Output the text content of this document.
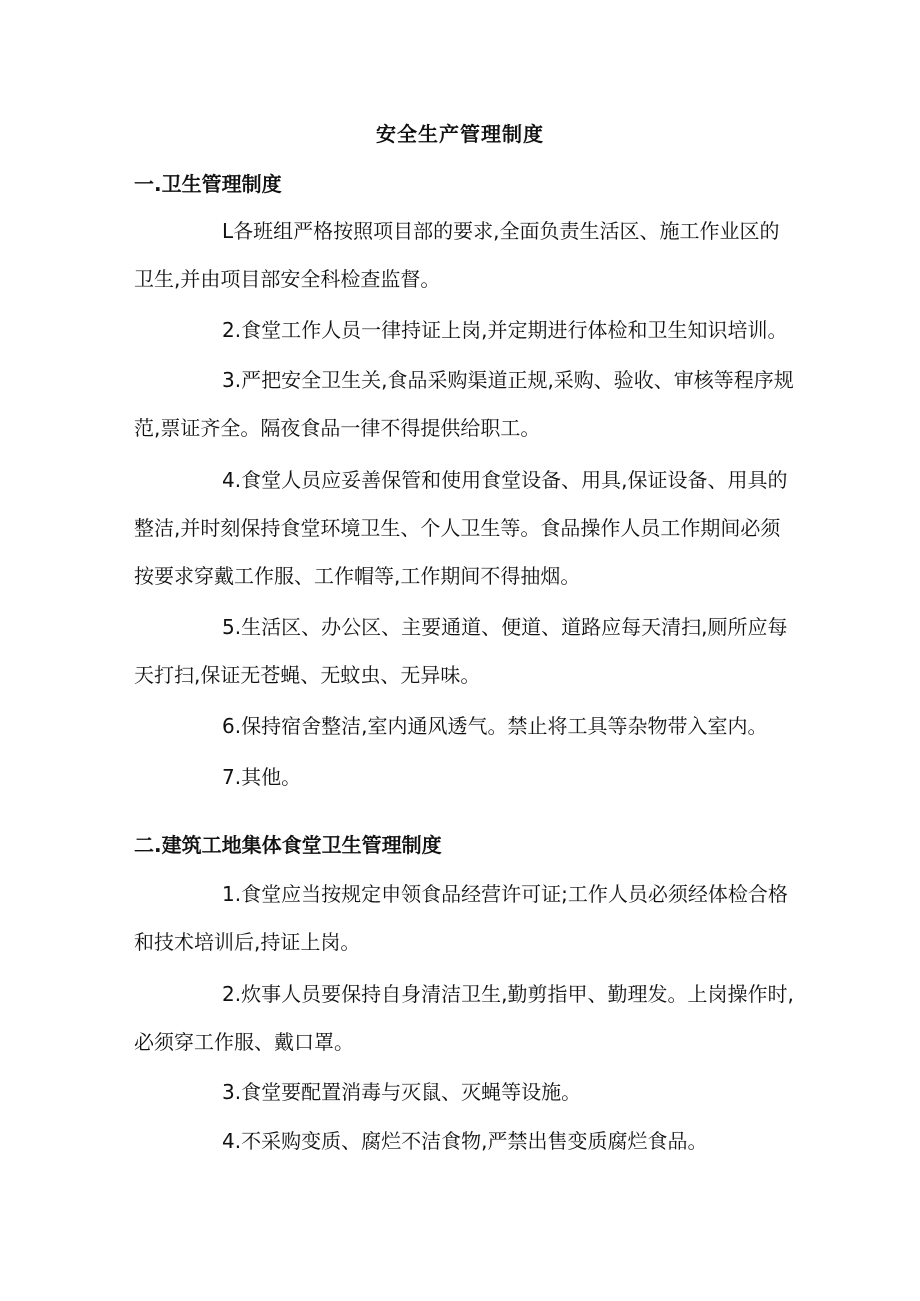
安全生产管理制度
一.卫生管理制度

L各班组严格按照项目部的要求,全面负责生活区、施工作业区的卫生,并由项目部安全科检查监督。

2.食堂工作人员一律持证上岗,并定期进行体检和卫生知识培训。

3.严把安全卫生关,食品采购渠道正规,采购、验收、审核等程序规范,票证齐全。隔夜食品一律不得提供给职工。

4.食堂人员应妥善保管和使用食堂设备、用具,保证设备、用具的整洁,并时刻保持食堂环境卫生、个人卫生等。食品操作人员工作期间必须按要求穿戴工作服、工作帽等,工作期间不得抽烟。

5.生活区、办公区、主要通道、便道、道路应每天清扫,厕所应每天打扫,保证无苍蝇、无蚊虫、无异味。

6.保持宿舍整洁,室内通风透气。禁止将工具等杂物带入室内。

7.其他。

二.建筑工地集体食堂卫生管理制度

1.食堂应当按规定申领食品经营许可证;工作人员必须经体检合格和技术培训后,持证上岗。

2.炊事人员要保持自身清洁卫生,勤剪指甲、勤理发。上岗操作时,必须穿工作服、戴口罩。

3.食堂要配置消毒与灭鼠、灭蝇等设施。

4.不采购变质、腐烂不洁食物,严禁出售变质腐烂食品。
